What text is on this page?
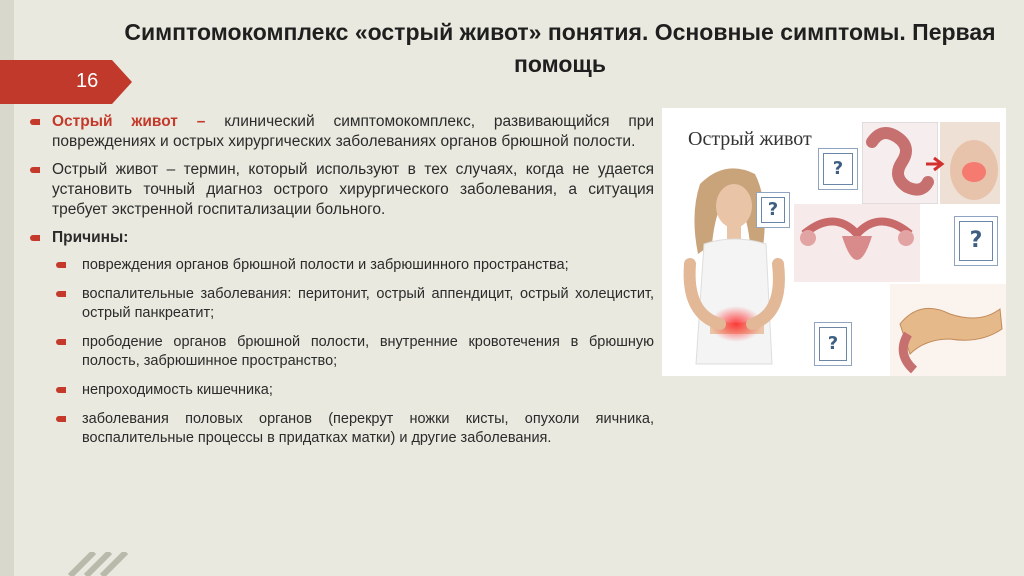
Симптомокомплекс «острый живот» понятия. Основные симптомы. Первая помощь
16
Острый живот – клинический симптомокомплекс, развивающийся при повреждениях и острых хирургических заболеваниях органов брюшной полости.
Острый живот – термин, который используют в тех случаях, когда не удается установить точный диагноз острого хирургического заболевания, а ситуация требует экстренной госпитализации больного.
Причины:
повреждения органов брюшной полости и забрюшинного пространства;
воспалительные заболевания: перитонит, острый аппендицит, острый холецистит, острый панкреатит;
прободение органов брюшной полости, внутренние кровотечения в брюшную полость, забрюшинное пространство;
непроходимость кишечника;
заболевания половых органов (перекрут ножки кисты, опухоли яичника, воспалительные процессы в придатках матки) и другие заболевания.
Острый живот
?
?
?
?
